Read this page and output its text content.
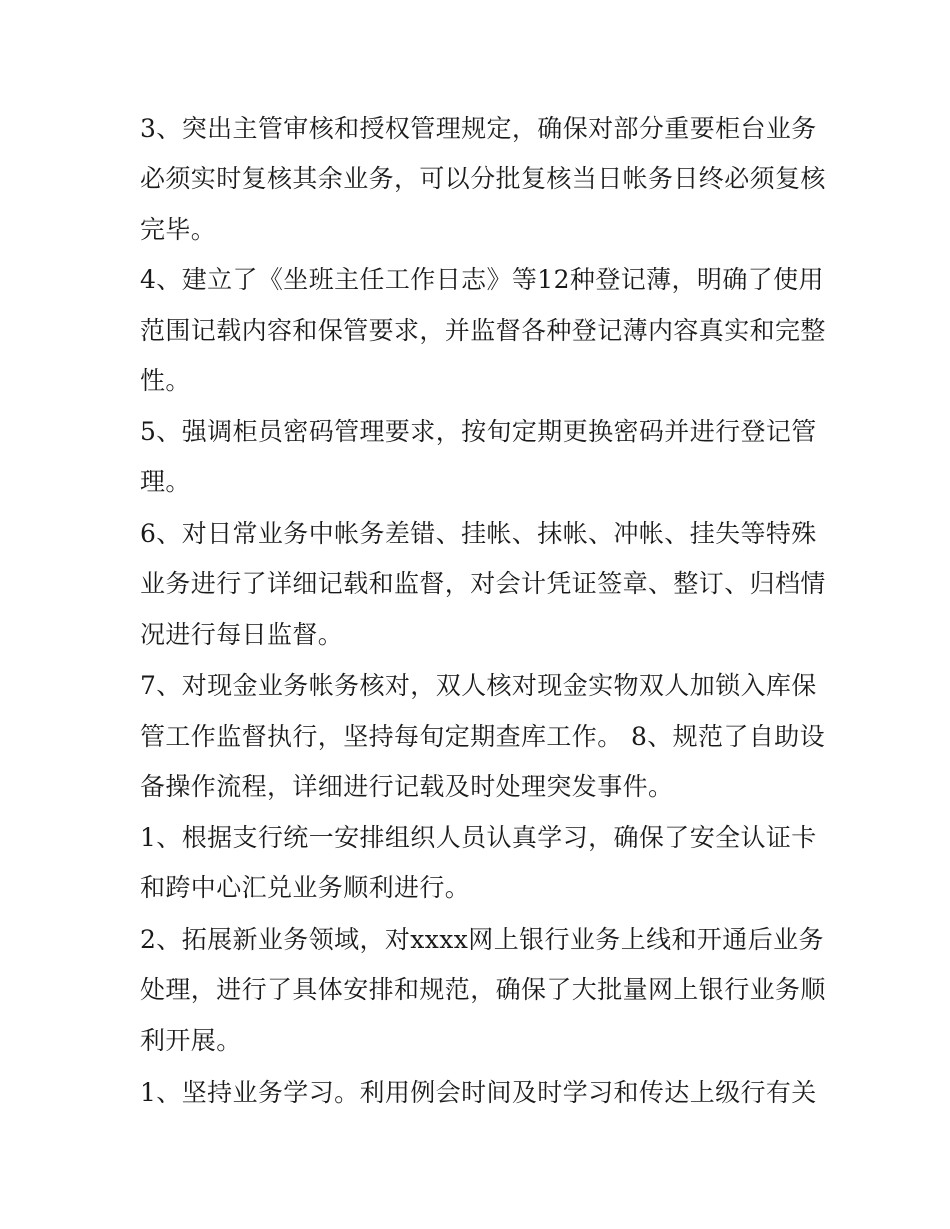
3、突出主管审核和授权管理规定，确保对部分重要柜台业务
必须实时复核其余业务，可以分批复核当日帐务日终必须复核
完毕。
4、建立了《坐班主任工作日志》等12种登记薄，明确了使用
范围记载内容和保管要求，并监督各种登记薄内容真实和完整
性。
5、强调柜员密码管理要求，按旬定期更换密码并进行登记管
理。
6、对日常业务中帐务差错、挂帐、抹帐、冲帐、挂失等特殊
业务进行了详细记载和监督，对会计凭证签章、整订、归档情
况进行每日监督。
7、对现金业务帐务核对，双人核对现金实物双人加锁入库保
管工作监督执行，坚持每旬定期查库工作。 8、规范了自助设
备操作流程，详细进行记载及时处理突发事件。
1、根据支行统一安排组织人员认真学习，确保了安全认证卡
和跨中心汇兑业务顺利进行。
2、拓展新业务领域，对xxxx网上银行业务上线和开通后业务
处理，进行了具体安排和规范，确保了大批量网上银行业务顺
利开展。
1、坚持业务学习。利用例会时间及时学习和传达上级行有关
